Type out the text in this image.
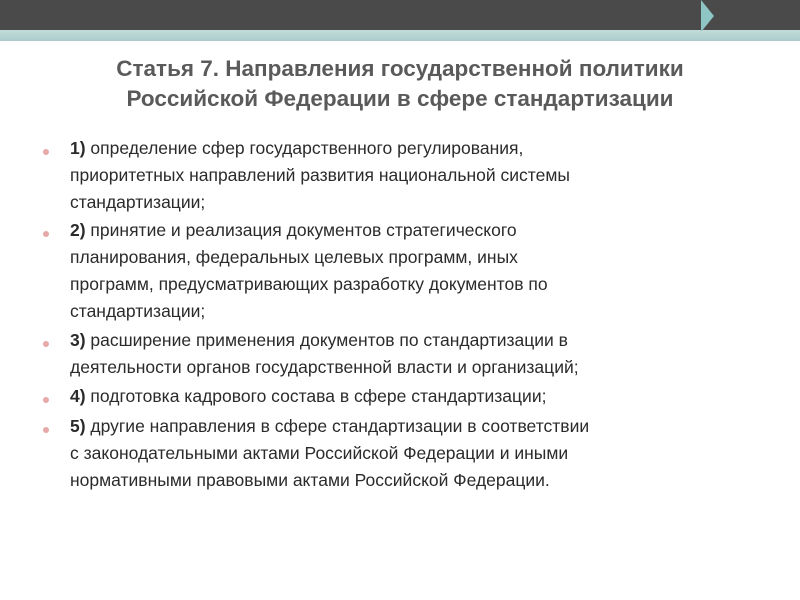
Статья 7. Направления государственной политики
Российской Федерации в сфере стандартизации
1) определение сфер государственного регулирования,
приоритетных направлений развития национальной системы
стандартизации;
2) принятие и реализация документов стратегического
планирования, федеральных целевых программ, иных
программ, предусматривающих разработку документов по
стандартизации;
3) расширение применения документов по стандартизации в
деятельности органов государственной власти и организаций;
4) подготовка кадрового состава в сфере стандартизации;
5) другие направления в сфере стандартизации в соответствии
с законодательными актами Российской Федерации и иными
нормативными правовыми актами Российской Федерации.
